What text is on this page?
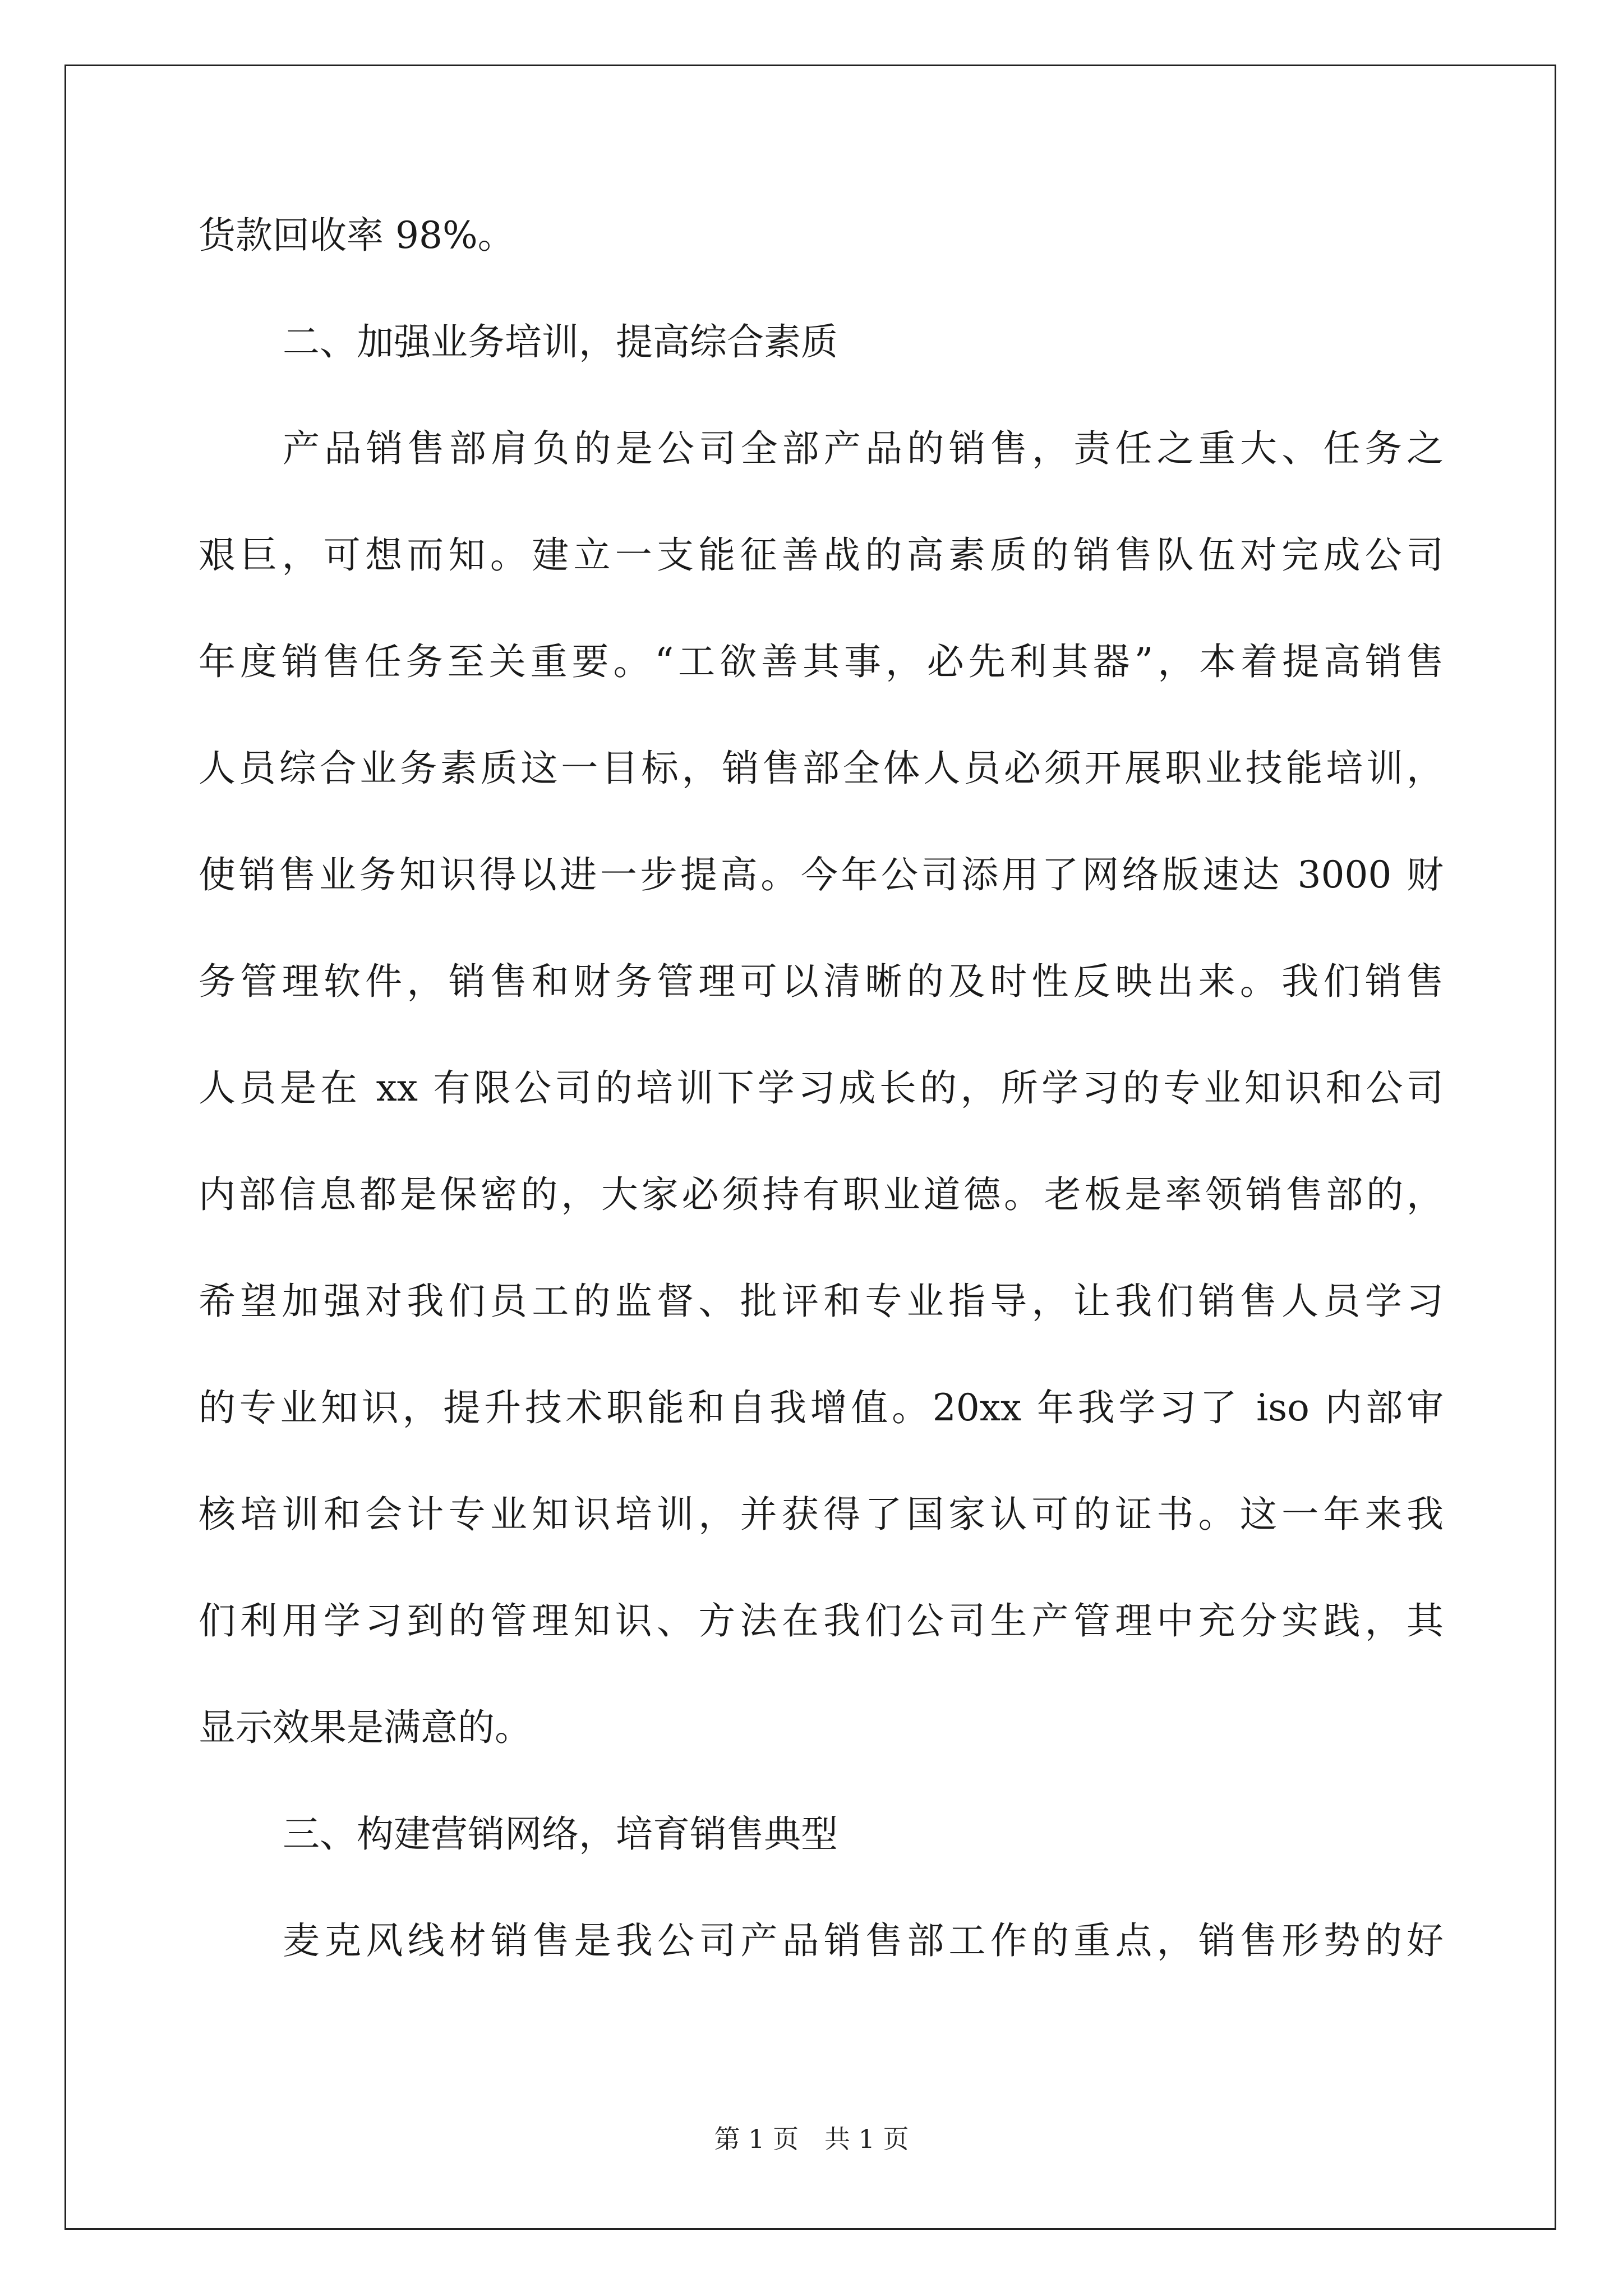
货款回收率 98%。
二、加强业务培训，提高综合素质
产品销售部肩负的是公司全部产品的销售，责任之重大、任务之
艰巨，可想而知。建立一支能征善战的高素质的销售队伍对完成公司
年度销售任务至关重要。“工欲善其事，必先利其器”，本着提高销售
人员综合业务素质这一目标，销售部全体人员必须开展职业技能培训，
使销售业务知识得以进一步提高。今年公司添用了网络版速达 3000 财
务管理软件，销售和财务管理可以清晰的及时性反映出来。我们销售
人员是在 xx 有限公司的培训下学习成长的，所学习的专业知识和公司
内部信息都是保密的，大家必须持有职业道德。老板是率领销售部的，
希望加强对我们员工的监督、批评和专业指导，让我们销售人员学习
的专业知识，提升技术职能和自我增值。20xx 年我学习了 iso 内部审
核培训和会计专业知识培训，并获得了国家认可的证书。这一年来我
们利用学习到的管理知识、方法在我们公司生产管理中充分实践，其
显示效果是满意的。
三、构建营销网络，培育销售典型
麦克风线材销售是我公司产品销售部工作的重点，销售形势的好
第 1 页　共 1 页
